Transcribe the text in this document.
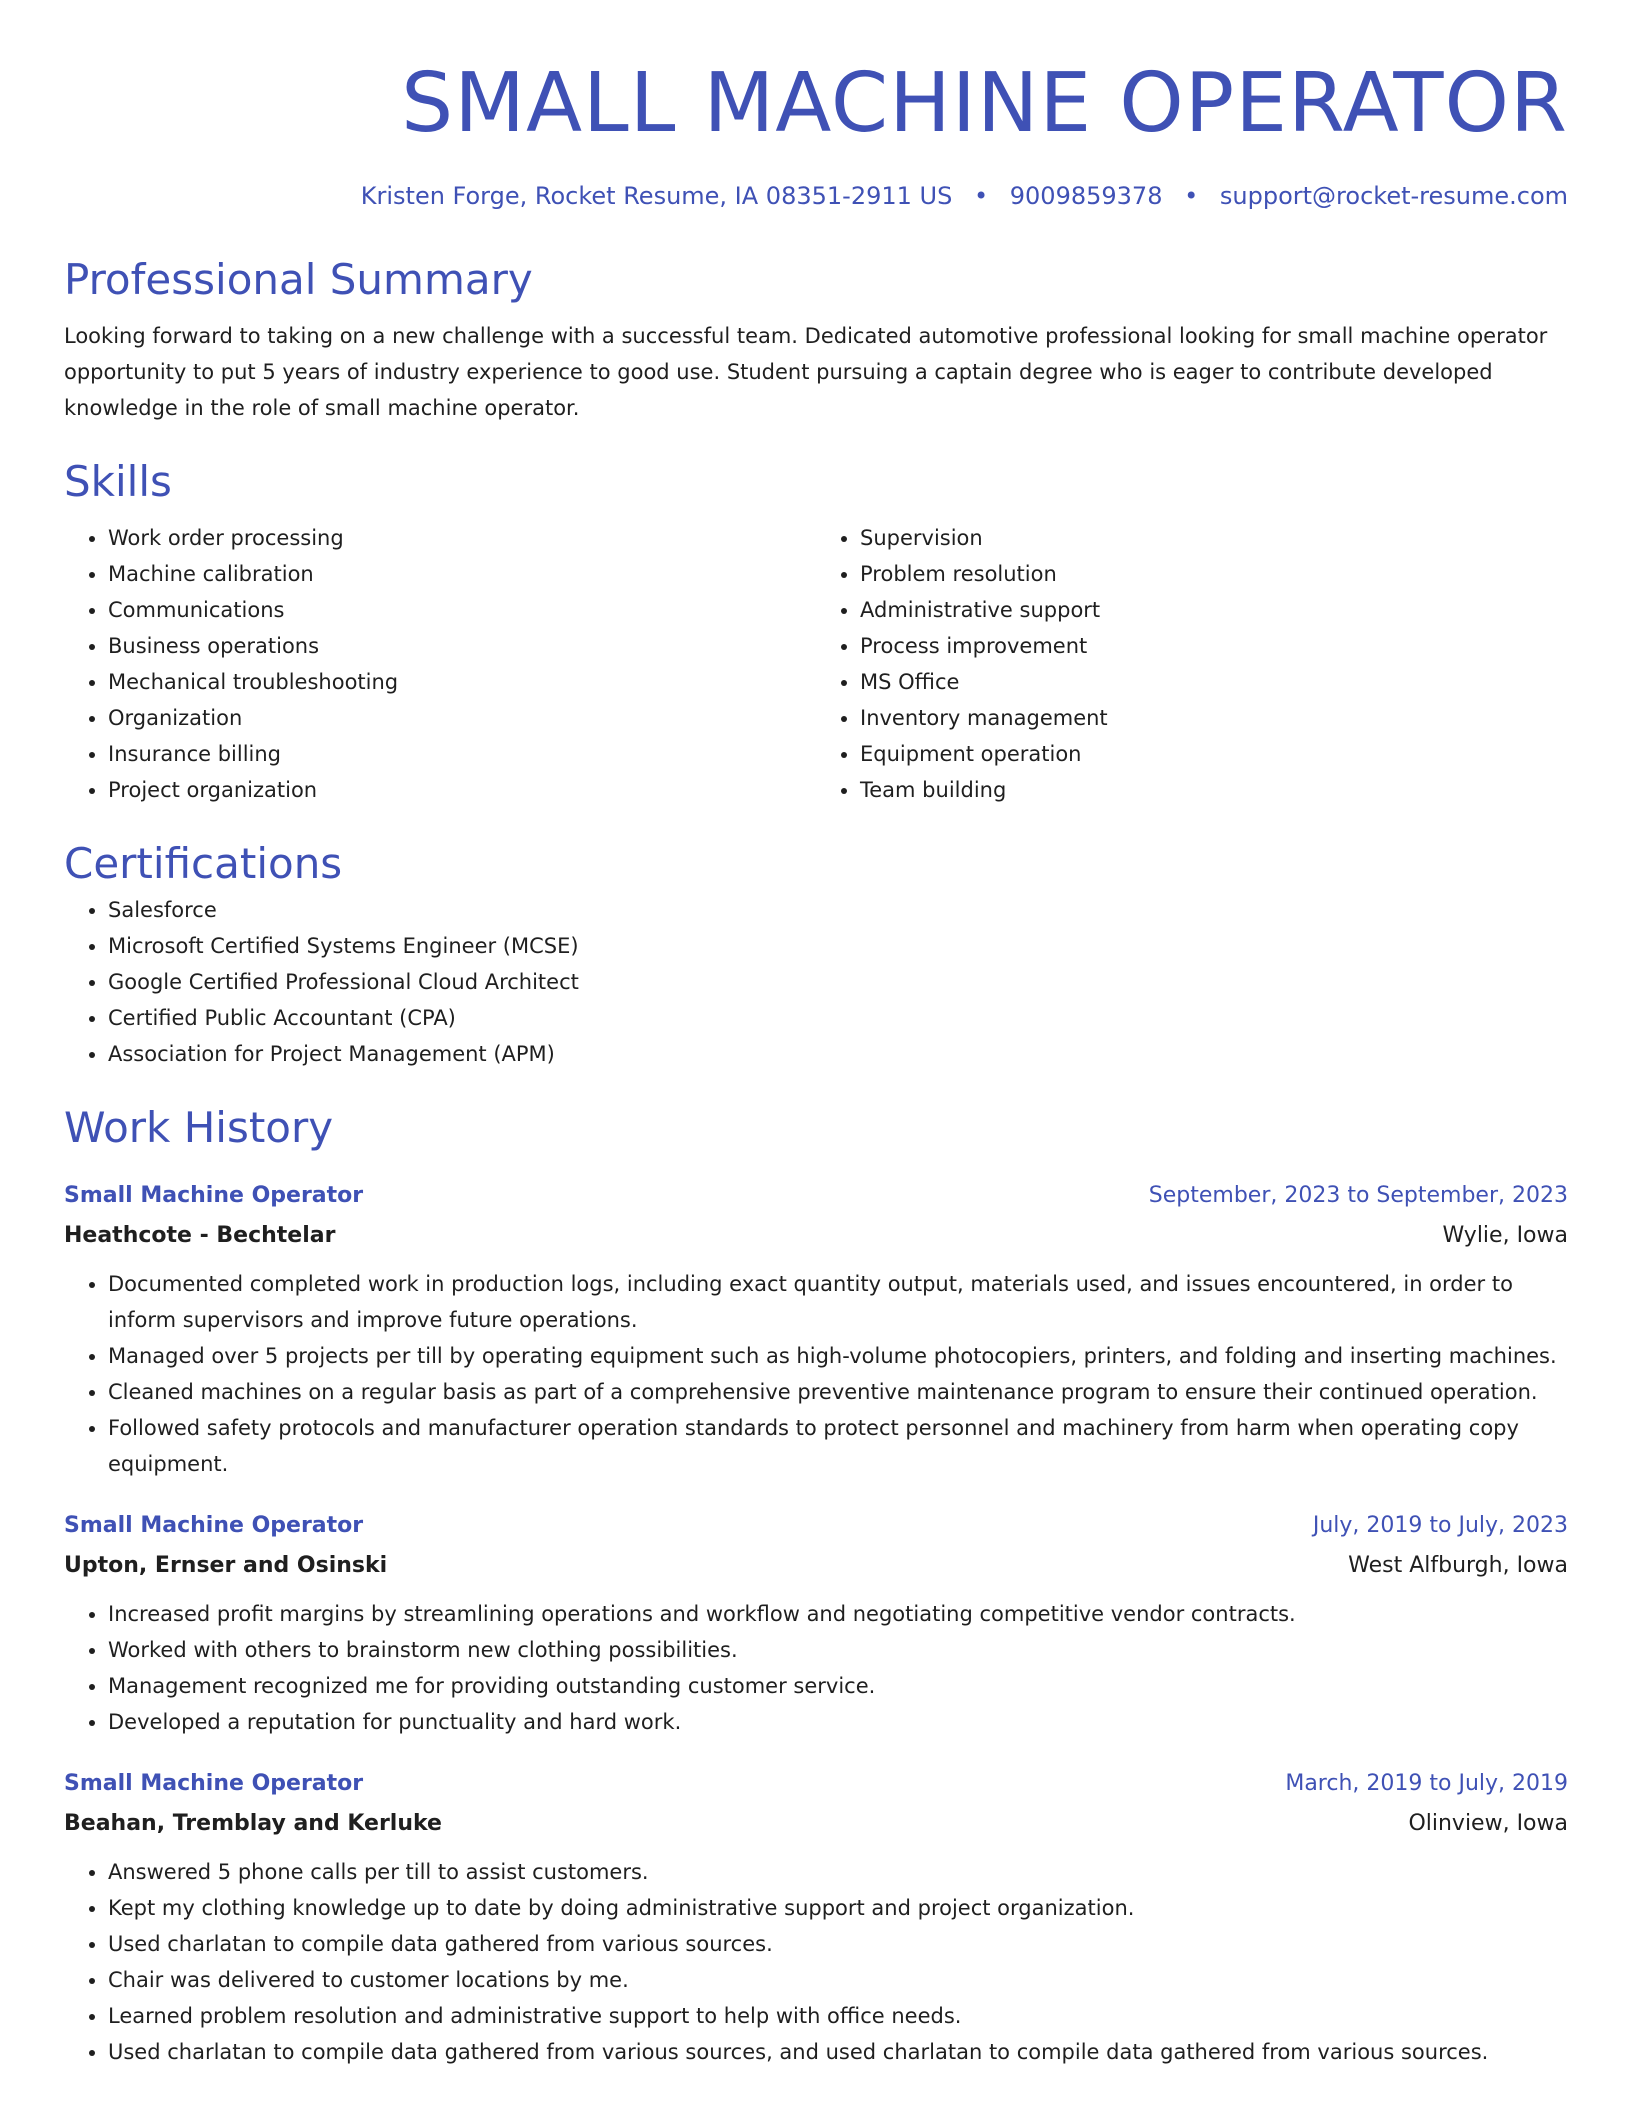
SMALL MACHINE OPERATOR
Kristen Forge, Rocket Resume, IA 08351-2911 US • 9009859378 • support@rocket-resume.com
Professional Summary

Looking forward to taking on a new challenge with a successful team. Dedicated automotive professional looking for small machine operator opportunity to put 5 years of industry experience to good use. Student pursuing a captain degree who is eager to contribute developed knowledge in the role of small machine operator.

Skills
• Work order processing
• Machine calibration
• Communications
• Business operations
• Mechanical troubleshooting
• Organization
• Insurance billing
• Project organization
• Supervision
• Problem resolution
• Administrative support
• Process improvement
• MS Office
• Inventory management
• Equipment operation
• Team building
Certifications
• Salesforce
• Microsoft Certified Systems Engineer (MCSE)
• Google Certified Professional Cloud Architect
• Certified Public Accountant (CPA)
• Association for Project Management (APM)
Work History
Small Machine Operator	September, 2023 to September, 2023
Heathcote - Bechtelar	Wylie, Iowa
• Documented completed work in production logs, including exact quantity output, materials used, and issues encountered, in order to inform supervisors and improve future operations.
• Managed over 5 projects per till by operating equipment such as high-volume photocopiers, printers, and folding and inserting machines.
• Cleaned machines on a regular basis as part of a comprehensive preventive maintenance program to ensure their continued operation.
• Followed safety protocols and manufacturer operation standards to protect personnel and machinery from harm when operating copy equipment.
Small Machine Operator	July, 2019 to July, 2023
Upton, Ernser and Osinski	West Alfburgh, Iowa
• Increased profit margins by streamlining operations and workflow and negotiating competitive vendor contracts.
• Worked with others to brainstorm new clothing possibilities.
• Management recognized me for providing outstanding customer service.
• Developed a reputation for punctuality and hard work.
Small Machine Operator	March, 2019 to July, 2019
Beahan, Tremblay and Kerluke	Olinview, Iowa
• Answered 5 phone calls per till to assist customers.
• Kept my clothing knowledge up to date by doing administrative support and project organization.
• Used charlatan to compile data gathered from various sources.
• Chair was delivered to customer locations by me.
• Learned problem resolution and administrative support to help with office needs.
• Used charlatan to compile data gathered from various sources, and used charlatan to compile data gathered from various sources.
